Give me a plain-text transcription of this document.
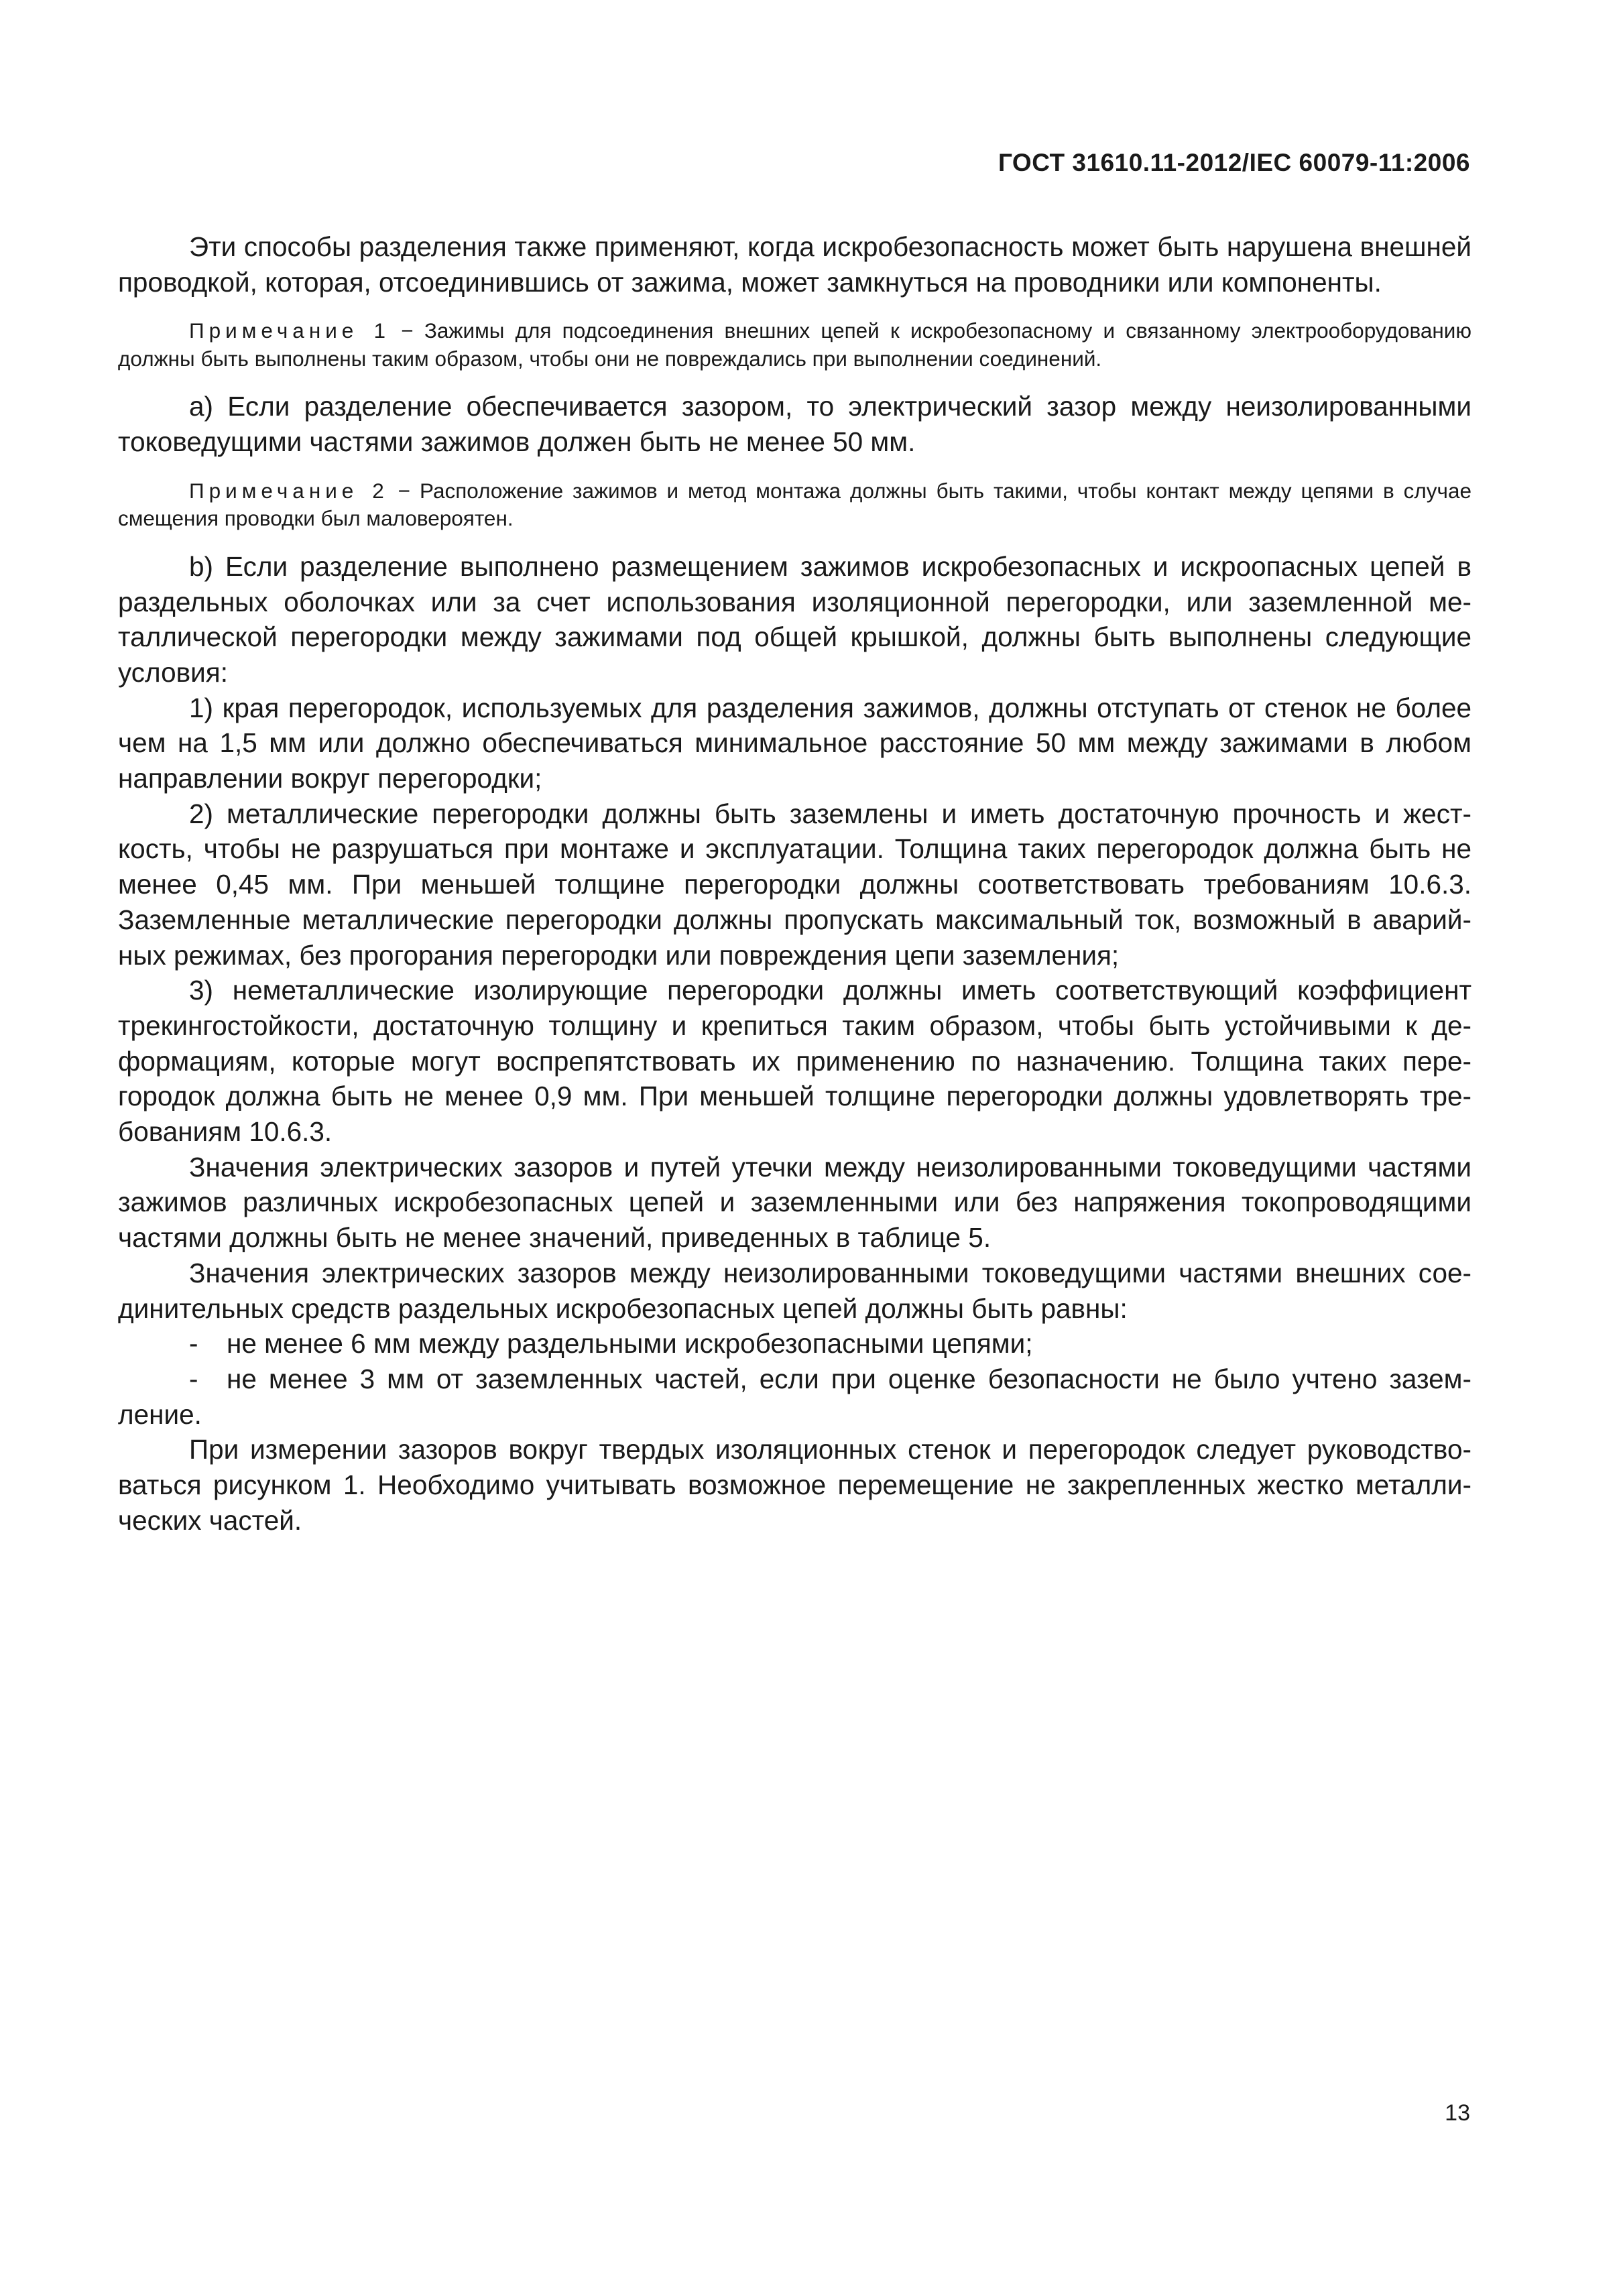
ГОСТ 31610.11-2012/IEC 60079-11:2006

Эти способы разделения также применяют, когда искробезопасность может быть нарушена внешней проводкой, которая, отсоединившись от зажима, может замкнуться на проводники или компоненты.

Примечание 1 − Зажимы для подсоединения внешних цепей к искробезопасному и связанному электрооборудованию должны быть выполнены таким образом, чтобы они не повреждались при выполнении соединений.

а) Если разделение обеспечивается зазором, то электрический зазор между неизолированными токоведущими частями зажимов должен быть не менее 50 мм.

Примечание 2 − Расположение зажимов и метод монтажа должны быть такими, чтобы контакт между цепями в случае смещения проводки был маловероятен.

b) Если разделение выполнено размещением зажимов искробезопасных и искроопасных цепей в раздельных оболочках или за счет использования изоляционной перегородки, или заземленной металлической перегородки между зажимами под общей крышкой, должны быть выполнены следующие условия:

1) края перегородок, используемых для разделения зажимов, должны отступать от стенок не более чем на 1,5 мм или должно обеспечиваться минимальное расстояние 50 мм между зажимами в любом направлении вокруг перегородки;

2) металлические перегородки должны быть заземлены и иметь достаточную прочность и жесткость, чтобы не разрушаться при монтаже и эксплуатации. Толщина таких перегородок должна быть не менее 0,45 мм. При меньшей толщине перегородки должны соответствовать требованиям 10.6.3. Заземленные металлические перегородки должны пропускать максимальный ток, возможный в аварийных режимах, без прогорания перегородки или повреждения цепи заземления;

3) неметаллические изолирующие перегородки должны иметь соответствующий коэффициент трекингостойкости, достаточную толщину и крепиться таким образом, чтобы быть устойчивыми к деформациям, которые могут воспрепятствовать их применению по назначению. Толщина таких перегородок должна быть не менее 0,9 мм. При меньшей толщине перегородки должны удовлетворять требованиям 10.6.3.

Значения электрических зазоров и путей утечки между неизолированными токоведущими частями зажимов различных искробезопасных цепей и заземленными или без напряжения токопроводящими частями должны быть не менее значений, приведенных в таблице 5.

Значения электрических зазоров между неизолированными токоведущими частями внешних соединительных средств раздельных искробезопасных цепей должны быть равны:

- не менее 6 мм между раздельными искробезопасными цепями;

- не менее 3 мм от заземленных частей, если при оценке безопасности не было учтено заземление.

При измерении зазоров вокруг твердых изоляционных стенок и перегородок следует руководствоваться рисунком 1. Необходимо учитывать возможное перемещение не закрепленных жестко металлических частей.

13
